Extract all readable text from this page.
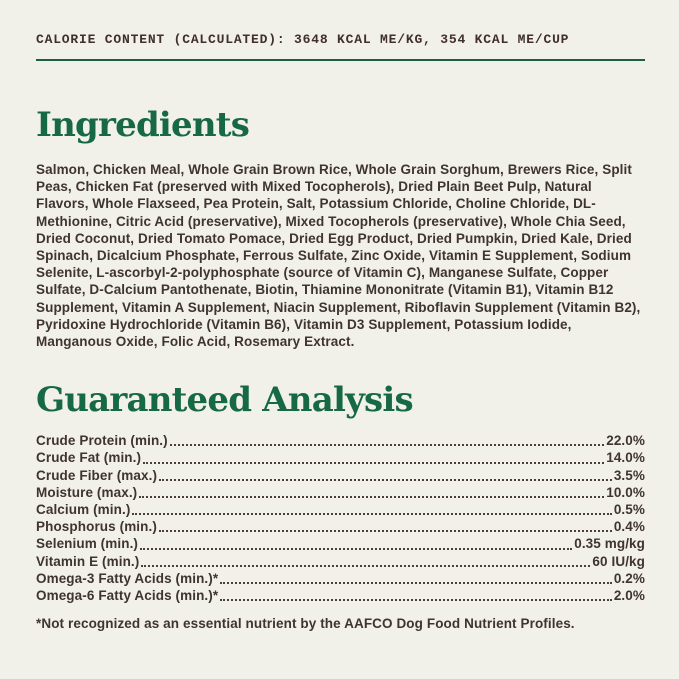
CALORIE CONTENT (CALCULATED): 3648 KCAL ME/KG, 354 KCAL ME/CUP
Ingredients

Salmon, Chicken Meal, Whole Grain Brown Rice, Whole Grain Sorghum, Brewers Rice, Split Peas, Chicken Fat (preserved with Mixed Tocopherols), Dried Plain Beet Pulp, Natural Flavors, Whole Flaxseed, Pea Protein, Salt, Potassium Chloride, Choline Chloride, DL-Methionine, Citric Acid (preservative), Mixed Tocopherols (preservative), Whole Chia Seed, Dried Coconut, Dried Tomato Pomace, Dried Egg Product, Dried Pumpkin, Dried Kale, Dried Spinach, Dicalcium Phosphate, Ferrous Sulfate, Zinc Oxide, Vitamin E Supplement, Sodium Selenite, L-ascorbyl-2-polyphosphate (source of Vitamin C), Manganese Sulfate, Copper Sulfate, D-Calcium Pantothenate, Biotin, Thiamine Mononitrate (Vitamin B1), Vitamin B12 Supplement, Vitamin A Supplement, Niacin Supplement, Riboflavin Supplement (Vitamin B2), Pyridoxine Hydrochloride (Vitamin B6), Vitamin D3 Supplement, Potassium Iodide, Manganous Oxide, Folic Acid, Rosemary Extract.

Guaranteed Analysis
Crude Protein (min.)	22.0%
Crude Fat (min.)	14.0%
Crude Fiber (max.)	3.5%
Moisture (max.)	10.0%
Calcium (min.)	0.5%
Phosphorus (min.)	0.4%
Selenium (min.)	0.35 mg/kg
Vitamin E (min.)	60 IU/kg
Omega-3 Fatty Acids (min.)*	0.2%
Omega-6 Fatty Acids (min.)*	2.0%

*Not recognized as an essential nutrient by the AAFCO Dog Food Nutrient Profiles.
